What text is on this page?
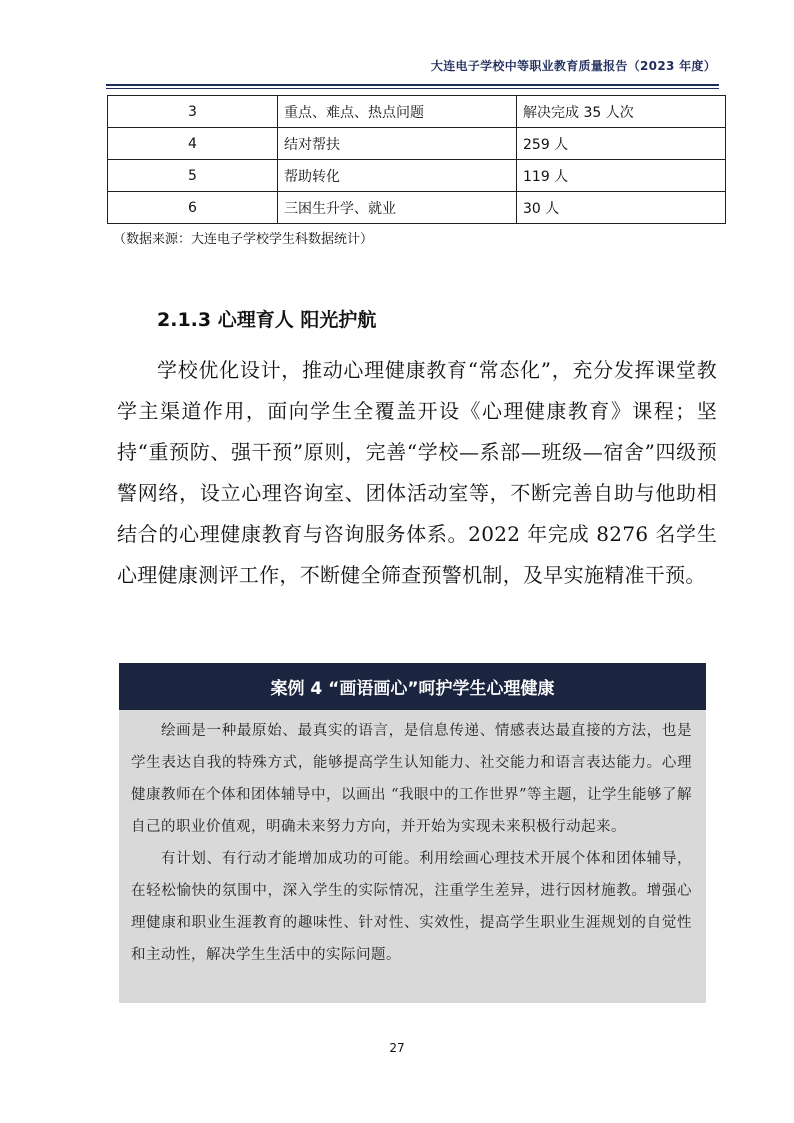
大连电子学校中等职业教育质量报告（2023 年度）
3	重点、难点、热点问题	解决完成 35 人次
4	结对帮扶	259 人
5	帮助转化	119 人
6	三困生升学、就业	30 人
（数据来源：大连电子学校学生科数据统计）
2.1.3 心理育人 阳光护航

学校优化设计，推动心理健康教育“常态化”，充分发挥课堂教学主渠道作用，面向学生全覆盖开设《心理健康教育》课程；坚持“重预防、强干预”原则，完善“学校—系部—班级—宿舍”四级预警网络，设立心理咨询室、团体活动室等，不断完善自助与他助相结合的心理健康教育与咨询服务体系。2022 年完成 8276 名学生心理健康测评工作，不断健全筛查预警机制，及早实施精准干预。

案例 4 “画语画心”呵护学生心理健康

绘画是一种最原始、最真实的语言，是信息传递、情感表达最直接的方法，也是学生表达自我的特殊方式，能够提高学生认知能力、社交能力和语言表达能力。心理健康教师在个体和团体辅导中，以画出 “我眼中的工作世界”等主题，让学生能够了解自己的职业价值观，明确未来努力方向，并开始为实现未来积极行动起来。

有计划、有行动才能增加成功的可能。利用绘画心理技术开展个体和团体辅导，在轻松愉快的氛围中，深入学生的实际情况，注重学生差异，进行因材施教。增强心理健康和职业生涯教育的趣味性、针对性、实效性，提高学生职业生涯规划的自觉性和主动性，解决学生生活中的实际问题。

27
